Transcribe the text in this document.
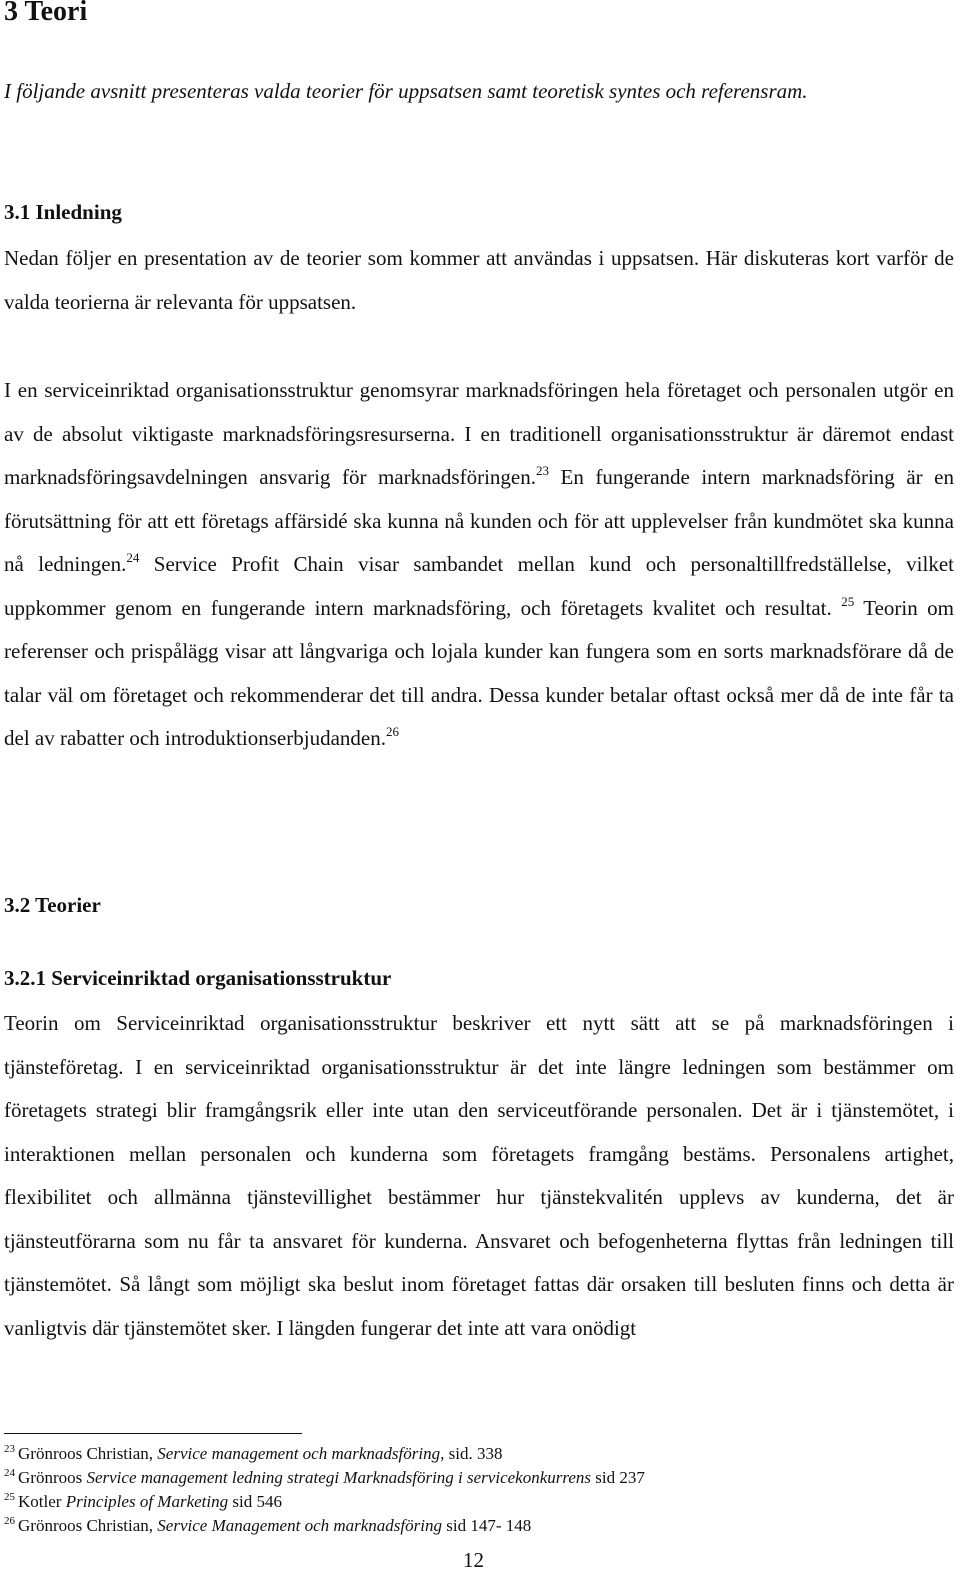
3 Teori

I följande avsnitt presenteras valda teorier för uppsatsen samt teoretisk syntes och referensram.

3.1 Inledning

Nedan följer en presentation av de teorier som kommer att användas i uppsatsen. Här diskuteras kort varför de valda teorierna är relevanta för uppsatsen.

I en serviceinriktad organisationsstruktur genomsyrar marknadsföringen hela företaget och personalen utgör en av de absolut viktigaste marknadsföringsresurserna. I en traditionell organisationsstruktur är däremot endast marknadsföringsavdelningen ansvarig för marknadsföringen.$^{23}$ En fungerande intern marknadsföring är en förutsättning för att ett företags affärsidé ska kunna nå kunden och för att upplevelser från kundmötet ska kunna nå ledningen.$^{24}$ Service Profit Chain visar sambandet mellan kund och personaltillfredställelse, vilket uppkommer genom en fungerande intern marknadsföring, och företagets kvalitet och resultat. $^{25}$ Teorin om referenser och prispålägg visar att långvariga och lojala kunder kan fungera som en sorts marknadsförare då de talar väl om företaget och rekommenderar det till andra. Dessa kunder betalar oftast också mer då de inte får ta del av rabatter och introduktionserbjudanden.$^{26}$

3.2 Teorier
3.2.1 Serviceinriktad organisationsstruktur

Teorin om Serviceinriktad organisationsstruktur beskriver ett nytt sätt att se på marknadsföringen i tjänsteföretag. I en serviceinriktad organisationsstruktur är det inte längre ledningen som bestämmer om företagets strategi blir framgångsrik eller inte utan den serviceutförande personalen. Det är i tjänstemötet, i interaktionen mellan personalen och kunderna som företagets framgång bestäms. Personalens artighet, flexibilitet och allmänna tjänstevillighet bestämmer hur tjänstekvalitén upplevs av kunderna, det är tjänsteutförarna som nu får ta ansvaret för kunderna. Ansvaret och befogenheterna flyttas från ledningen till tjänstemötet. Så långt som möjligt ska beslut inom företaget fattas där orsaken till besluten finns och detta är vanligtvis där tjänstemötet sker. I längden fungerar det inte att vara onödigt

$^{23}$ Grönroos Christian, Service management och marknadsföring, sid. 338
$^{24}$ Grönroos Service management ledning strategi Marknadsföring i servicekonkurrens sid 237
$^{25}$ Kotler Principles of Marketing sid 546
$^{26}$ Grönroos Christian, Service Management och marknadsföring sid 147- 148
12
